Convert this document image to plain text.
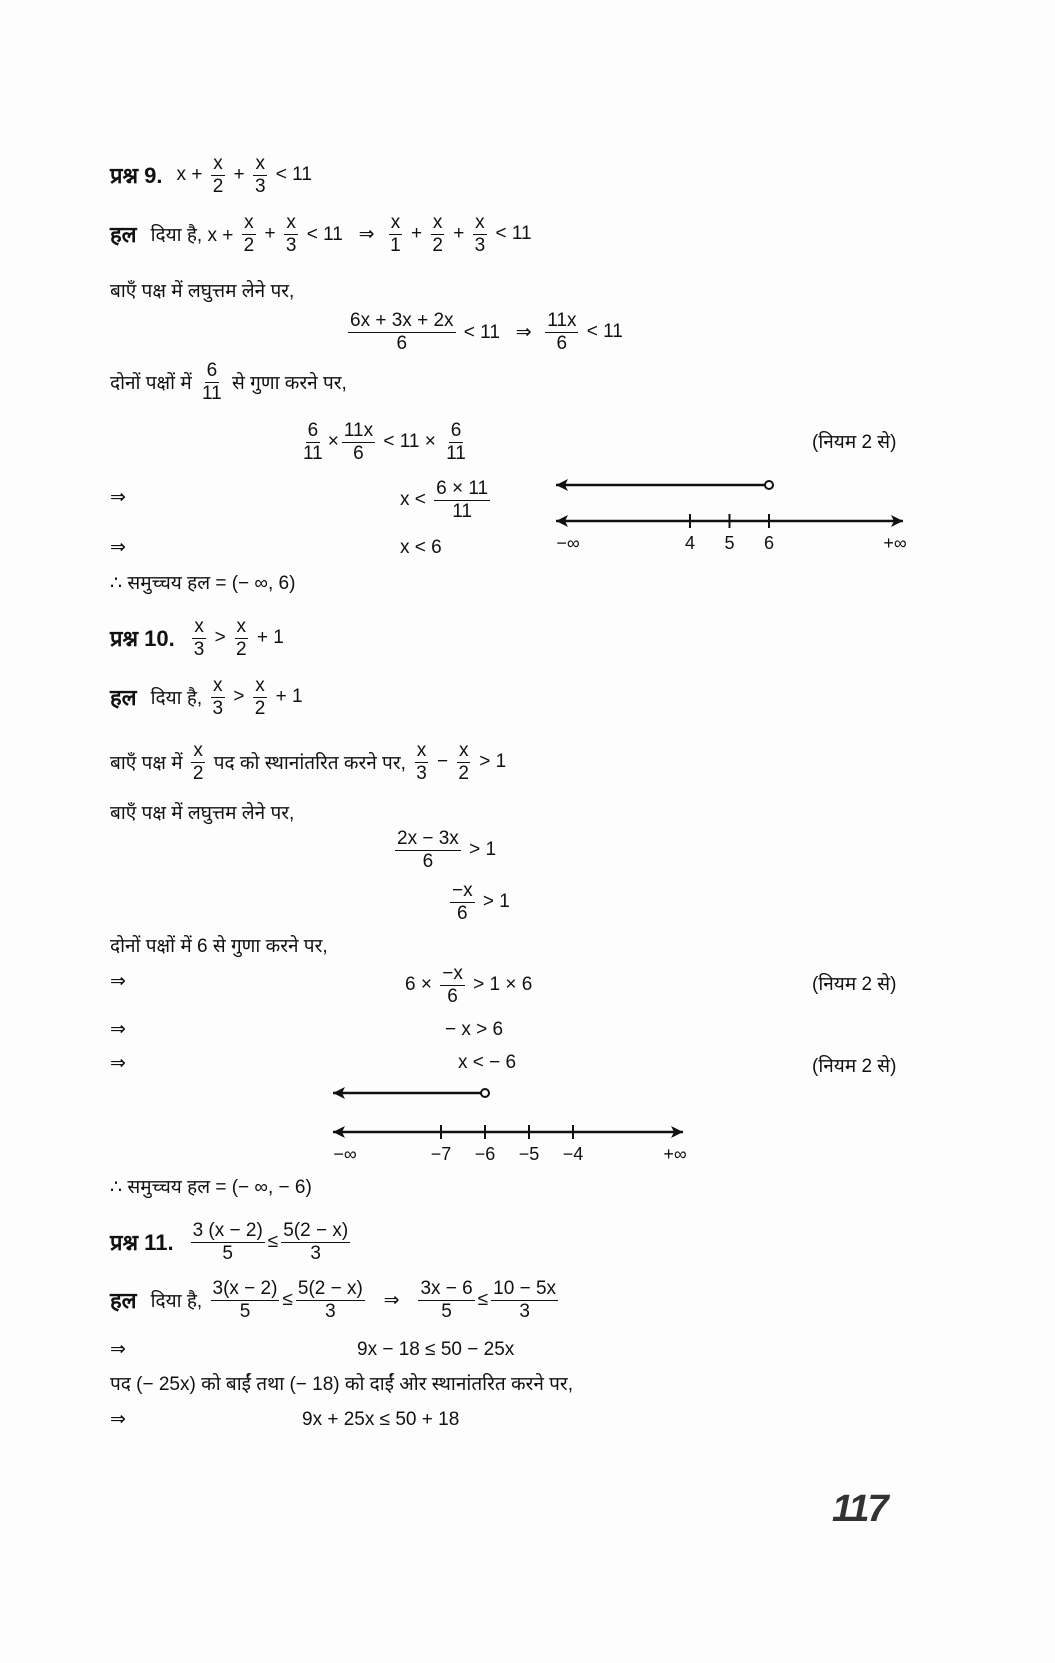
प्रश्न 9. $x + \frac{x}{2} + \frac{x}{3} < 11$
हल दिया है, $x + \frac{x}{2} + \frac{x}{3} < 11$   ⇒ $\frac{x}{1} + \frac{x}{2} + \frac{x}{3} < 11$
बाएँ पक्ष में लघुत्तम लेने पर,
$\frac{6x + 3x + 2x}{6} < 11$   ⇒ $\frac{11x}{6} < 11$
दोनों पक्षों में $\frac{6}{11}$ से गुणा करने पर,
$\frac{6}{11} \times \frac{11x}{6} < 11 \times \frac{6}{11}$
$x < \frac{6 \times 11}{11}$
x < 6
∴ समुच्चय हल = (− ∞, 6)
प्रश्न 10. $\frac{x}{3} > \frac{x}{2} + 1$
हल दिया है, $\frac{x}{3} > \frac{x}{2} + 1$
बाएँ पक्ष में $\frac{x}{2}$ पद को स्थानांतरित करने पर, $\frac{x}{3} - \frac{x}{2} > 1$
बाएँ पक्ष में लघुत्तम लेने पर,
$\frac{2x - 3x}{6} > 1$
$\frac{-x}{6} > 1$
दोनों पक्षों में 6 से गुणा करने पर,
$6 \times \frac{-x}{6} > 1 \times 6$
− x > 6
x < − 6
∴ समुच्चय हल = (− ∞, − 6)
प्रश्न 11. $\frac{3 (x - 2)}{5} \le \frac{5(2 - x)}{3}$
हल दिया है, $\frac{3(x - 2)}{5} \le \frac{5(2 - x)}{3}$ ⇒ $\frac{3x - 6}{5} \le \frac{10 - 5x}{3}$
9x − 18 ≤ 50 − 25x
पद (− 25x) को बाईं तथा (− 18) को दाईं ओर स्थानांतरित करने पर,
9x + 25x ≤ 50 + 18
⇒
⇒
⇒
⇒
⇒
⇒
⇒
(नियम 2 से)
(नियम 2 से)
(नियम 2 से)
−∞	4 5 6	+∞
−∞	−7 −6 −5 −4	+∞
117
